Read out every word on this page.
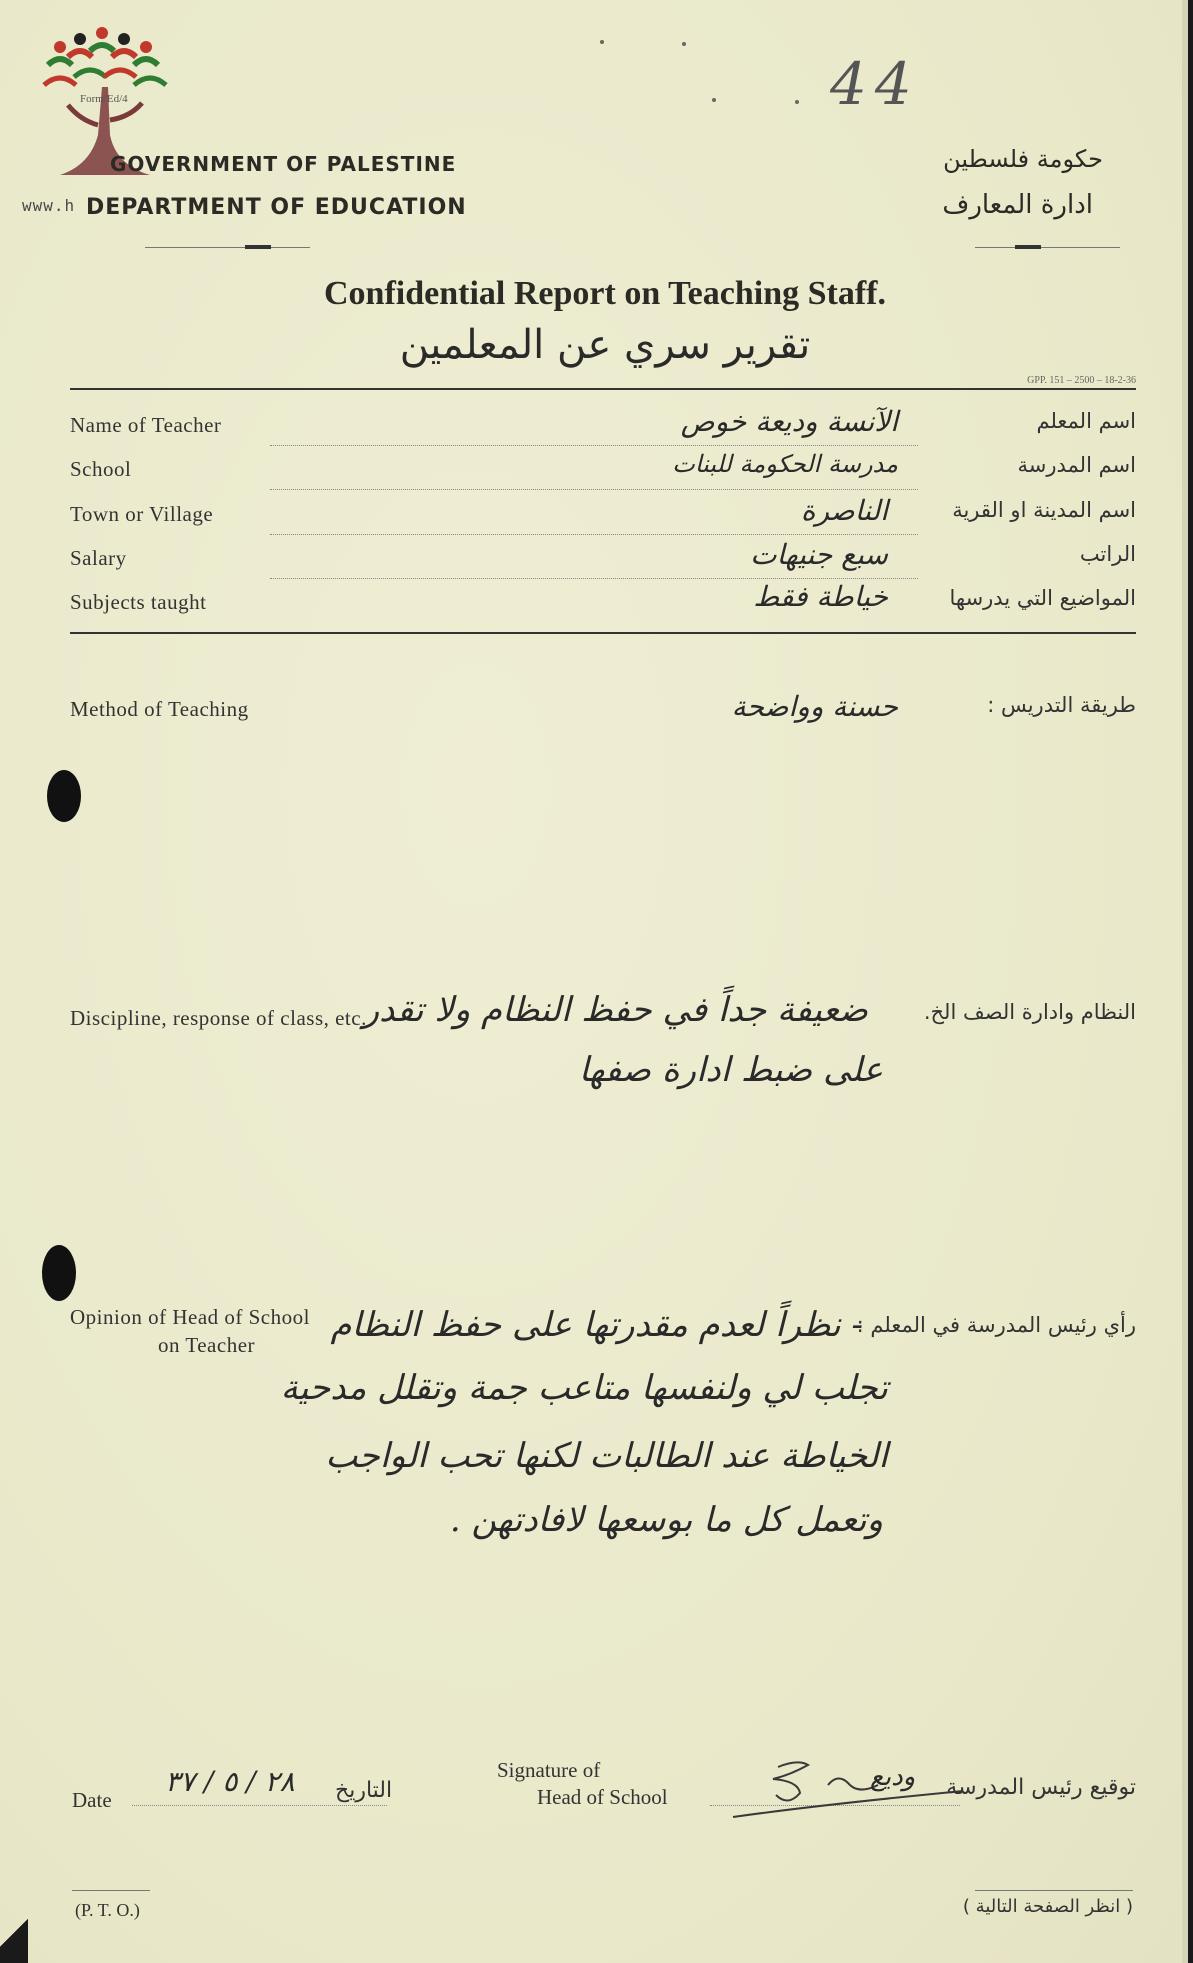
www.h
Form/Ed/4	44
GOVERNMENT OF PALESTINE
DEPARTMENT OF EDUCATION
حكومة فلسطين
ادارة المعارف
Confidential Report on Teaching Staff.
تقرير سري عن المعلمين
GPP. 151 – 2500 – 18-2-36
Name of Teacher	اسم المعلم
الآنسة وديعة خوص
School	اسم المدرسة
مدرسة الحكومة للبنات
Town or Village	اسم المدينة او القرية
الناصرة
Salary	الراتب
سبع جنيهات
Subjects taught	المواضيع التي يدرسها
خياطة فقط
Method of Teaching	طريقة التدريس :
حسنة وواضحة
Discipline, response of class, etc.	النظام وادارة الصف الخ.
ضعيفة جداً في حفظ النظام ولا تقدر
على ضبط ادارة صفها
Opinion of Head of School
on Teacher
رأي رئيس المدرسة في المعلم :
- نظراً لعدم مقدرتها على حفظ النظام
تجلب لي ولنفسها متاعب جمة وتقلل مدحية
الخياطة عند الطالبات لكنها تحب الواجب
وتعمل كل ما بوسعها لافادتهن .
Date
٢٨ / ٥ / ٣٧ التاريخ
Signature of
Head of School
وديع توقيع رئيس المدرسة
(P. T. O.)	( انظر الصفحة التالية )
